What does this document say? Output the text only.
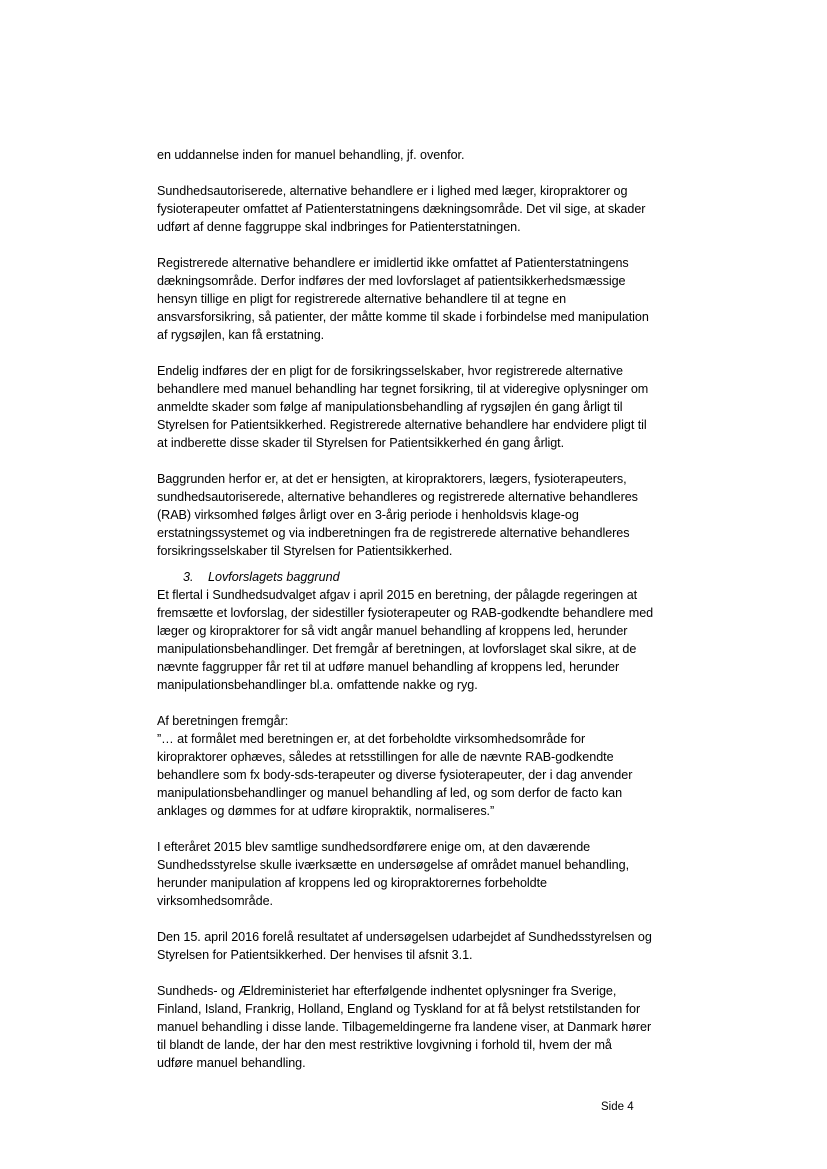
en uddannelse inden for manuel behandling, jf. ovenfor.

Sundhedsautoriserede, alternative behandlere er i lighed med læger, kiropraktorer og
fysioterapeuter omfattet af Patienterstatningens dækningsområde. Det vil sige, at skader
udført af denne faggruppe skal indbringes for Patienterstatningen.

Registrerede alternative behandlere er imidlertid ikke omfattet af Patienterstatningens
dækningsområde. Derfor indføres der med lovforslaget af patientsikkerhedsmæssige
hensyn tillige en pligt for registrerede alternative behandlere til at tegne en
ansvarsforsikring, så patienter, der måtte komme til skade i forbindelse med manipulation
af rygsøjlen, kan få erstatning.

Endelig indføres der en pligt for de forsikringsselskaber, hvor registrerede alternative
behandlere med manuel behandling har tegnet forsikring, til at videregive oplysninger om
anmeldte skader som følge af manipulationsbehandling af rygsøjlen én gang årligt til
Styrelsen for Patientsikkerhed. Registrerede alternative behandlere har endvidere pligt til
at indberette disse skader til Styrelsen for Patientsikkerhed én gang årligt.

Baggrunden herfor er, at det er hensigten, at kiropraktorers, lægers, fysioterapeuters,
sundhedsautoriserede, alternative behandleres og registrerede alternative behandleres
(RAB) virksomhed følges årligt over en 3-årig periode i henholdsvis klage-og
erstatningssystemet og via indberetningen fra de registrerede alternative behandleres
forsikringsselskaber til Styrelsen for Patientsikkerhed.

3. Lovforslagets baggrund

Et flertal i Sundhedsudvalget afgav i april 2015 en beretning, der pålagde regeringen at
fremsætte et lovforslag, der sidestiller fysioterapeuter og RAB-godkendte behandlere med
læger og kiropraktorer for så vidt angår manuel behandling af kroppens led, herunder
manipulationsbehandlinger. Det fremgår af beretningen, at lovforslaget skal sikre, at de
nævnte faggrupper får ret til at udføre manuel behandling af kroppens led, herunder
manipulationsbehandlinger bl.a. omfattende nakke og ryg.

Af beretningen fremgår:
”… at formålet med beretningen er, at det forbeholdte virksomhedsområde for
kiropraktorer ophæves, således at retsstillingen for alle de nævnte RAB-godkendte
behandlere som fx body-sds-terapeuter og diverse fysioterapeuter, der i dag anvender
manipulationsbehandlinger og manuel behandling af led, og som derfor de facto kan
anklages og dømmes for at udføre kiropraktik, normaliseres.”

I efteråret 2015 blev samtlige sundhedsordførere enige om, at den daværende
Sundhedsstyrelse skulle iværksætte en undersøgelse af området manuel behandling,
herunder manipulation af kroppens led og kiropraktorernes forbeholdte
virksomhedsområde.

Den 15. april 2016 forelå resultatet af undersøgelsen udarbejdet af Sundhedsstyrelsen og
Styrelsen for Patientsikkerhed. Der henvises til afsnit 3.1.

Sundheds- og Ældreministeriet har efterfølgende indhentet oplysninger fra Sverige,
Finland, Island, Frankrig, Holland, England og Tyskland for at få belyst retstilstanden for
manuel behandling i disse lande. Tilbagemeldingerne fra landene viser, at Danmark hører
til blandt de lande, der har den mest restriktive lovgivning i forhold til, hvem der må
udføre manuel behandling.

Side 4
